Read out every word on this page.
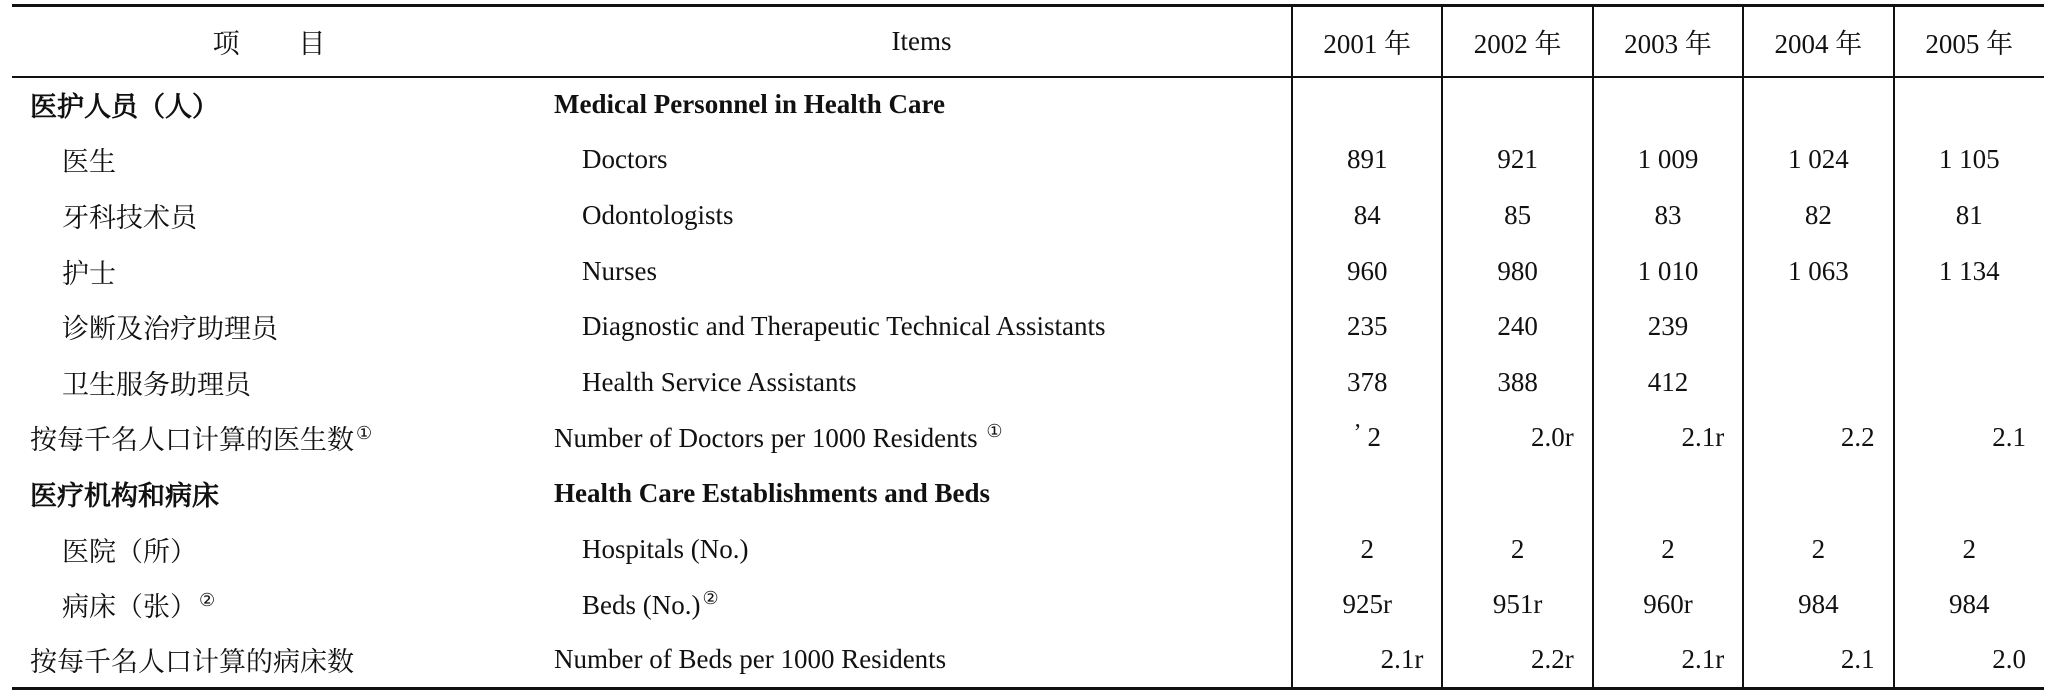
项 目	Items	2001 年	2002 年	2003 年	2004 年	2005 年
医护人员（人）	Medical Personnel in Health Care					
医生	Doctors	891	921	1 009	1 024	1 105
牙科技术员	Odontologists	84	85	83	82	81
护士	Nurses	960	980	1 010	1 063	1 134
诊断及治疗助理员	Diagnostic and Therapeutic Technical Assistants	235	240	239		
卫生服务助理员	Health Service Assistants	378	388	412		
按每千名人口计算的医生数 ①	Number of Doctors per 1000 Residents ①	’ 2	2.0r	2.1r	2.2	2.1
医疗机构和病床	Health Care Establishments and Beds					
医院（所）	Hospitals (No.)	2	2	2	2	2
病床（张） ②	Beds (No.) ②	925r	951r	960r	984	984
按每千名人口计算的病床数	Number of Beds per 1000 Residents	2.1r	2.2r	2.1r	2.1	2.0
